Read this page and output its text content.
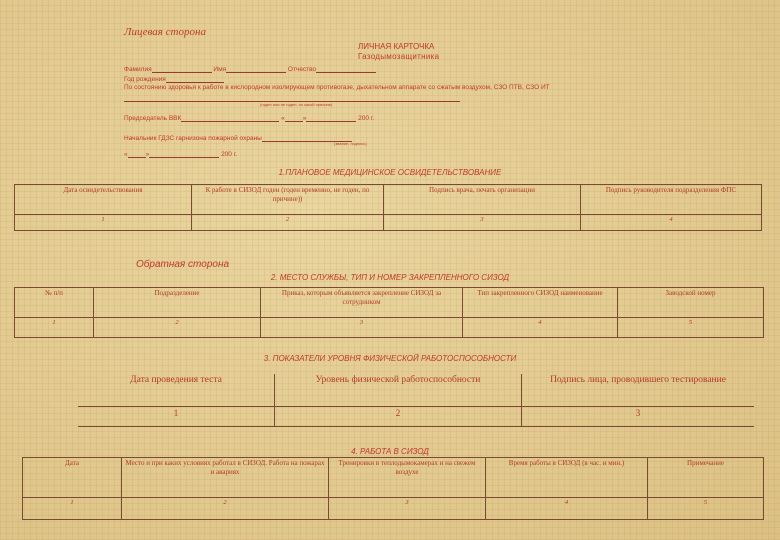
Лицевая сторона
ЛИЧНАЯ КАРТОЧКА
Газодымозащитника
Фамилия	Имя	Отчество
Год рождения
По состоянию здоровья к работе в кислородном изолирующем противогазе, дыхательном аппарате со сжатым воздухом, СЗО ПТВ, СЗО ИТ
(годен или не годен, по какой причине)
Председатель ВВК	«	»	200 г.
Начальник ГДЗС гарнизона пожарной охраны
(звание, подпись)
«	»	200 г.
1.ПЛАНОВОЕ МЕДИЦИНСКОЕ ОСВИДЕТЕЛЬСТВОВАНИЕ
Дата освидетельствования	К работе в СИЗОД годен (годен временно, не годен, по причине))	Подпись врача, печать организации	Подпись руководителя подразделения ФПС
1	2	3	4
Обратная сторона
2. МЕСТО СЛУЖБЫ, ТИП И НОМЕР ЗАКРЕПЛЕННОГО СИЗОД
№ п/п	Подразделение	Приказ, которым объявляется закрепление СИЗОД за сотрудником	Тип закрепленного СИЗОД наименование	Заводской номер
1	2	3	4	5
3. ПОКАЗАТЕЛИ УРОВНЯ ФИЗИЧЕСКОЙ РАБОТОСПОСОБНОСТИ
Дата проведения теста	Уровень физической работоспособности	Подпись лица, проводившего тестирование
1	2	3
4. РАБОТА В СИЗОД
Дата	Место и при каких условиях работал в СИЗОД. Работа на пожарах и авариях	Тренировки в теплодымокамерах и на свежем воздухе	Время работы в СИЗОД (в час. и мин.)	Примечание
1	2	3	4	5
